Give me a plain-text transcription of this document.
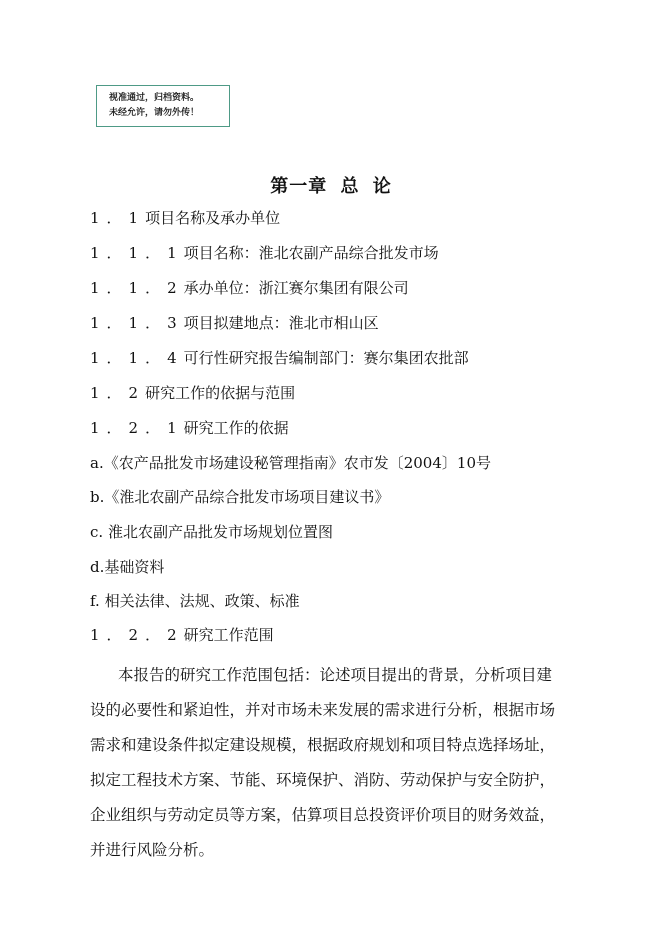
视准通过，归档资料。
未经允许，请勿外传！
第一章 总 论
1．1项目名称及承办单位
1．1．1项目名称：淮北农副产品综合批发市场
1．1．2承办单位：浙江赛尔集团有限公司
1．1．3项目拟建地点：淮北市相山区
1．1．4可行性研究报告编制部门：赛尔集团农批部
1．2研究工作的依据与范围
1．2．1研究工作的依据
a.《农产品批发市场建设秘管理指南》农市发〔2004〕10号
b.《淮北农副产品综合批发市场项目建议书》
c. 淮北农副产品批发市场规划位置图
d.基础资料
f. 相关法律、法规、政策、标准
1．2．2研究工作范围
本报告的研究工作范围包括：论述项目提出的背景，分析项目建
设的必要性和紧迫性，并对市场未来发展的需求进行分析，根据市场
需求和建设条件拟定建设规模，根据政府规划和项目特点选择场址，
拟定工程技术方案、节能、环境保护、消防、劳动保护与安全防护，
企业组织与劳动定员等方案，估算项目总投资评价项目的财务效益，
并进行风险分析。
